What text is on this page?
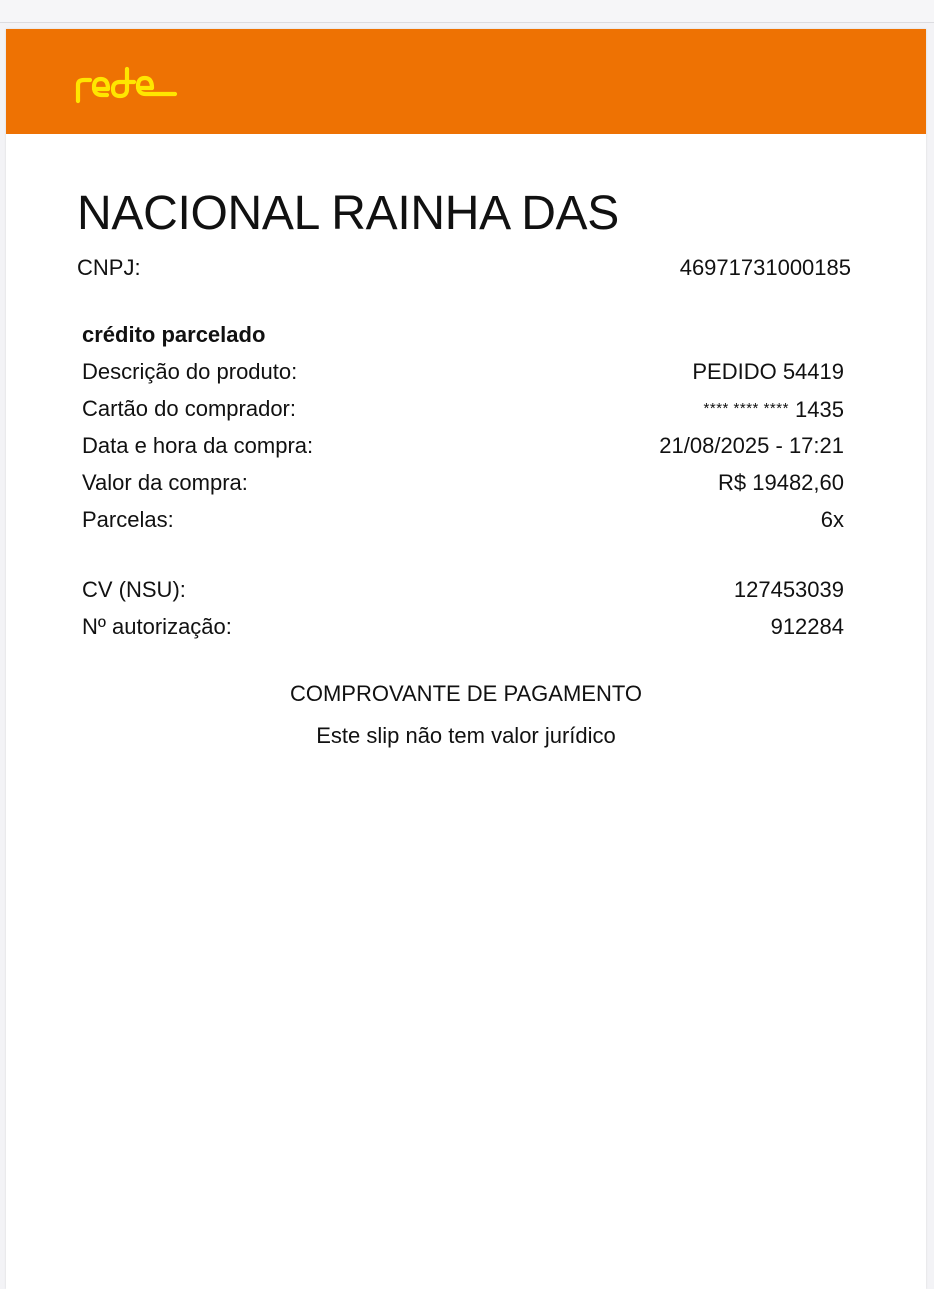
NACIONAL RAINHA DAS
CNPJ:	46971731000185
crédito parcelado
Descrição do produto:	PEDIDO 54419
Cartão do comprador:	**** **** **** 1435
Data e hora da compra:	21/08/2025 - 17:21
Valor da compra:	R$ 19482,60
Parcelas:	6x
CV (NSU):	127453039
Nº autorização:	912284
COMPROVANTE DE PAGAMENTO
Este slip não tem valor jurídico
